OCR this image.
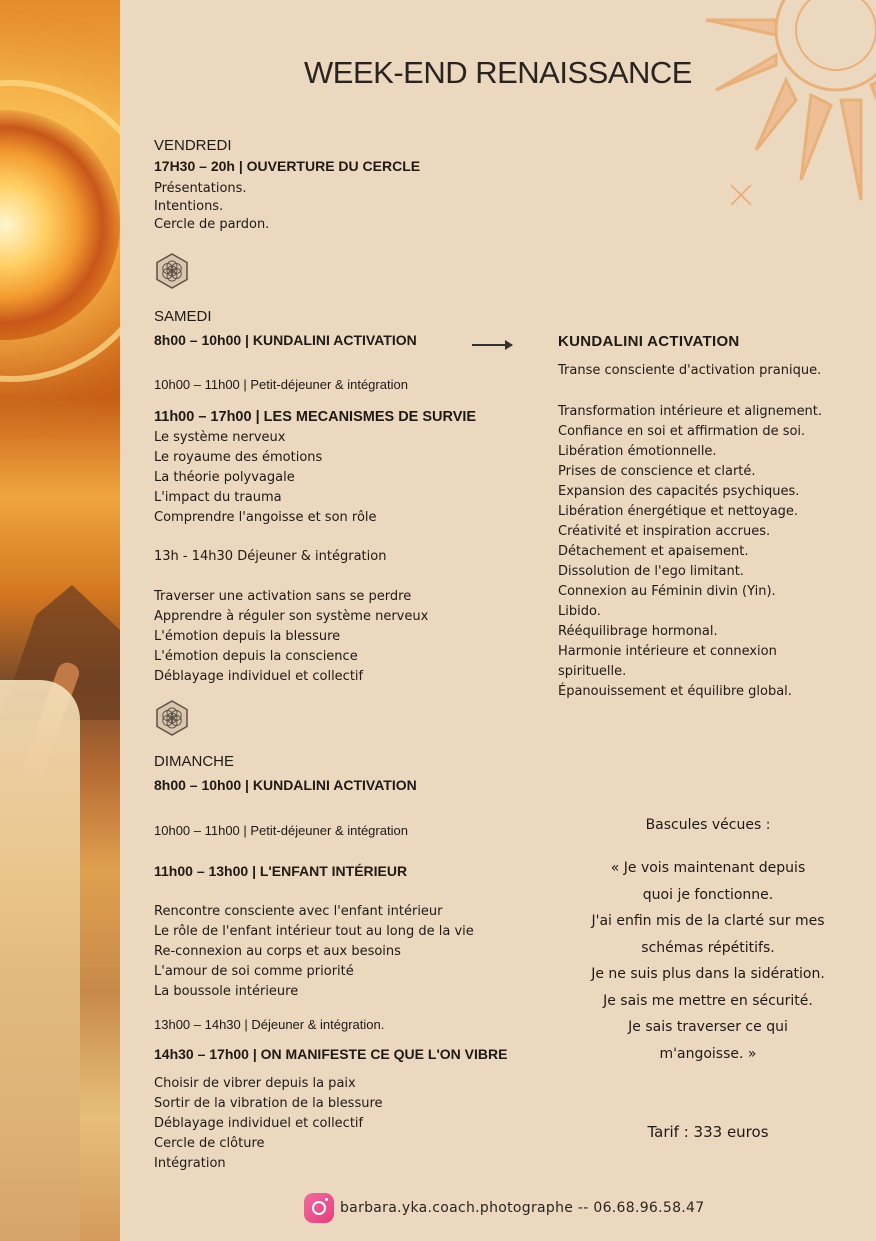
WEEK-END RENAISSANCE
VENDREDI
17H30 – 20h | OUVERTURE DU CERCLE
Présentations.
Intentions.
Cercle de pardon.
SAMEDI
8h00 – 10h00 | KUNDALINI ACTIVATION
10h00 – 11h00 | Petit-déjeuner & intégration
11h00 – 17h00 | LES MECANISMES DE SURVIE
Le système nerveux
Le royaume des émotions
La théorie polyvagale
L'impact du trauma
Comprendre l'angoisse et son rôle
13h - 14h30 Déjeuner & intégration
Traverser une activation sans se perdre
Apprendre à réguler son système nerveux
L'émotion depuis la blessure
L'émotion depuis la conscience
Déblayage individuel et collectif
DIMANCHE
8h00 – 10h00 | KUNDALINI ACTIVATION
10h00 – 11h00 | Petit-déjeuner & intégration
11h00 – 13h00 | L'ENFANT INTÉRIEUR
Rencontre consciente avec l'enfant intérieur
Le rôle de l'enfant intérieur tout au long de la vie
Re-connexion au corps et aux besoins
L'amour de soi comme priorité
La boussole intérieure
13h00 – 14h30 | Déjeuner & intégration.
14h30 – 17h00 | ON MANIFESTE CE QUE L'ON VIBRE
Choisir de vibrer depuis la paix
Sortir de la vibration de la blessure
Déblayage individuel et collectif
Cercle de clôture
Intégration
KUNDALINI ACTIVATION
Transe consciente d'activation pranique.
Transformation intérieure et alignement.
Confiance en soi et affirmation de soi.
Libération émotionnelle.
Prises de conscience et clarté.
Expansion des capacités psychiques.
Libération énergétique et nettoyage.
Créativité et inspiration accrues.
Détachement et apaisement.
Dissolution de l'ego limitant.
Connexion au Féminin divin (Yin).
Libido.
Rééquilibrage hormonal.
Harmonie intérieure et connexion
spirituelle.
Épanouissement et équilibre global.
Bascules vécues :
« Je vois maintenant depuis
quoi je fonctionne.
J'ai enfin mis de la clarté sur mes
schémas répétitifs.
Je ne suis plus dans la sidération.
Je sais me mettre en sécurité.
Je sais traverser ce qui
m'angoisse. »
Tarif : 333 euros
barbara.yka.coach.photographe -- 06.68.96.58.47
